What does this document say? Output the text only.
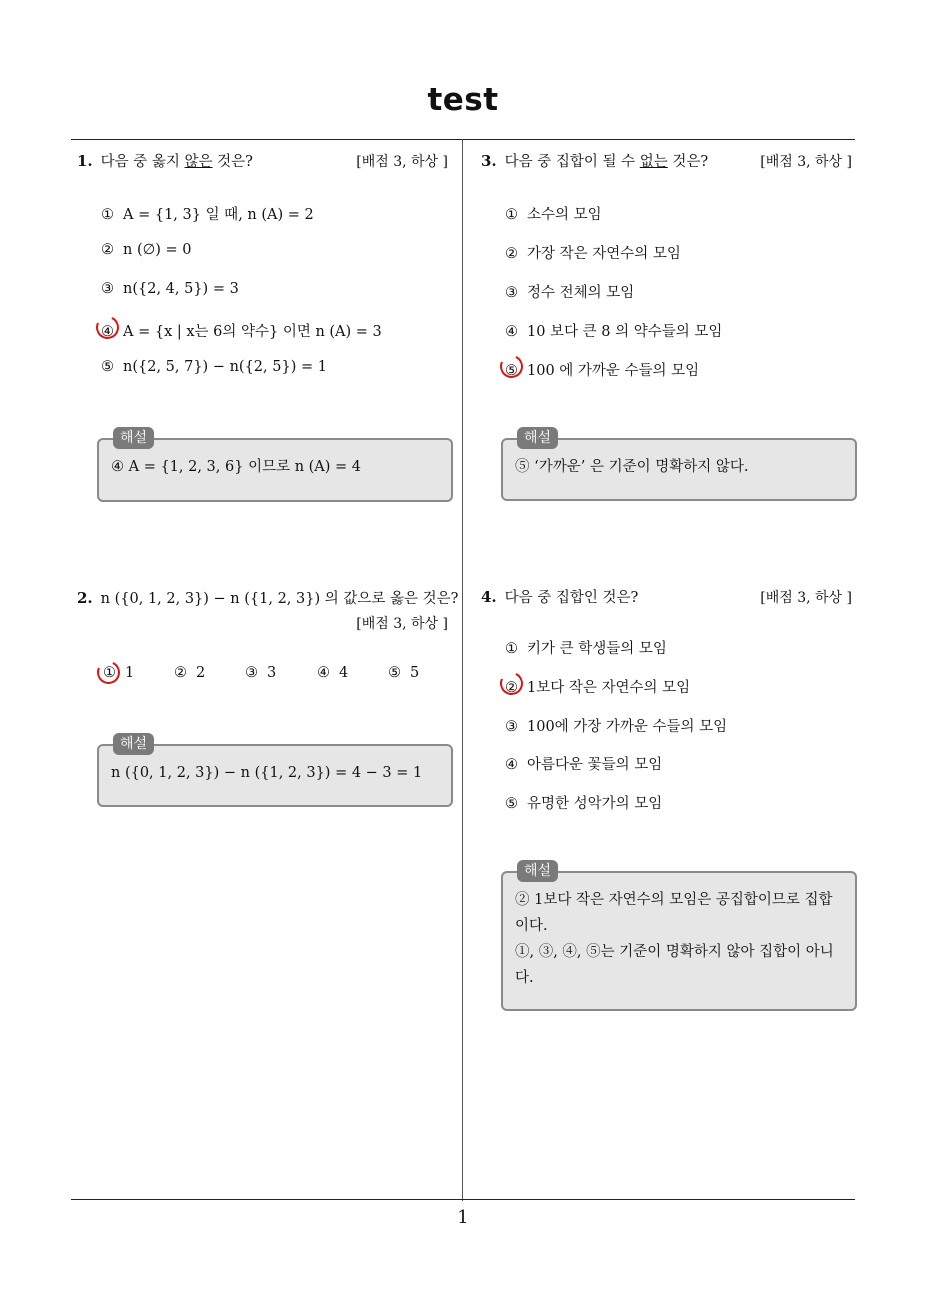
test
1
1. 다음 중 옳지 않은 것은?	[배점 3, 하상 ]
① A = {1, 3} 일 때, n (A) = 2
② n (∅) = 0
③ n({2, 4, 5}) = 3
④ A = {x | x는 6의 약수} 이면 n (A) = 3
⑤ n({2, 5, 7}) − n({2, 5}) = 1
④ A = {1, 2, 3, 6} 이므로 n (A) = 4
해설
2. n ({0, 1, 2, 3}) − n ({1, 2, 3}) 의 값으로 옳은 것은?
[배점 3, 하상 ]
① 1	② 2	③ 3	④ 4	⑤ 5
n ({0, 1, 2, 3}) − n ({1, 2, 3}) = 4 − 3 = 1
해설
3. 다음 중 집합이 될 수 없는 것은?	[배점 3, 하상 ]
① 소수의 모임
② 가장 작은 자연수의 모임
③ 정수 전체의 모임
④ 10 보다 큰 8 의 약수들의 모임
⑤ 100 에 가까운 수들의 모임
⑤ ‘가까운’ 은 기준이 명확하지 않다.
해설
4. 다음 중 집합인 것은?	[배점 3, 하상 ]
① 키가 큰 학생들의 모임
② 1보다 작은 자연수의 모임
③ 100에 가장 가까운 수들의 모임
④ 아름다운 꽃들의 모임
⑤ 유명한 성악가의 모임
② 1보다 작은 자연수의 모임은 공집합이므로 집합
이다.
①, ③, ④, ⑤는 기준이 명확하지 않아 집합이 아니
다.
해설
